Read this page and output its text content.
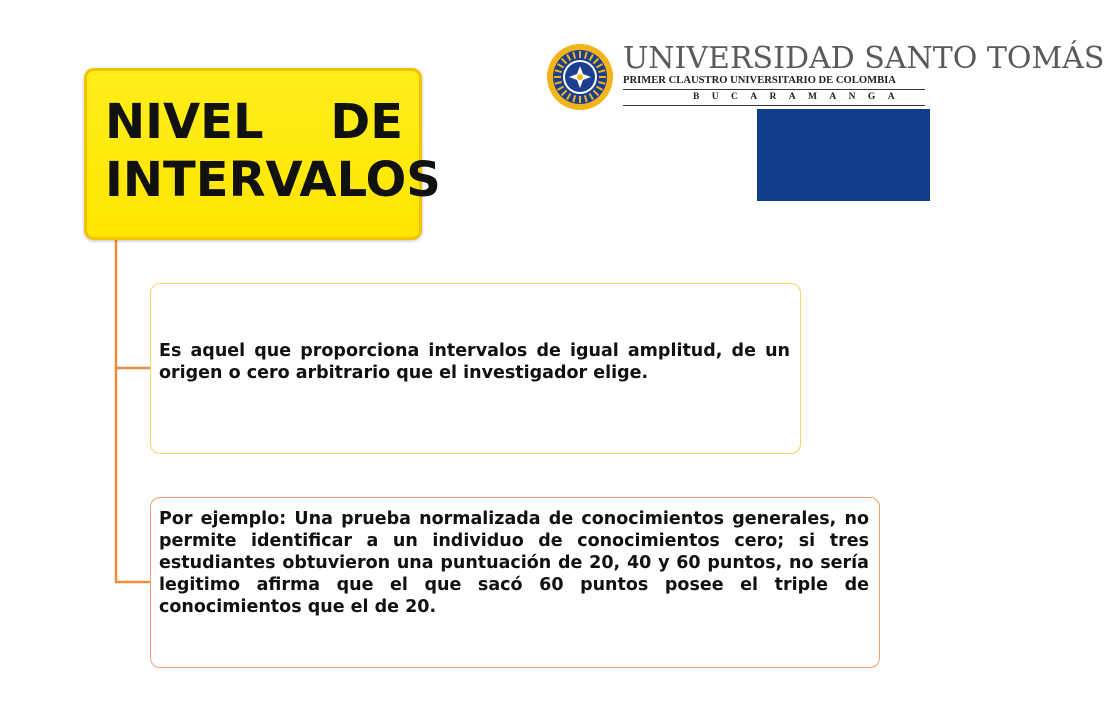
UNIVERSIDAD SANTO TOMÁS
PRIMER CLAUSTRO UNIVERSITARIO DE COLOMBIA
BUCARAMANGA
NIVEL DE
INTERVALOS

Es aquel que proporciona intervalos de igual amplitud, de un origen o cero arbitrario que el investigador elige.

Por ejemplo: Una prueba normalizada de conocimientos generales, no permite identificar a un individuo de conocimientos cero; si tres estudiantes obtuvieron una puntuación de 20, 40 y 60 puntos, no sería legitimo afirma que el que sacó 60 puntos posee el triple de conocimientos que el de 20.
